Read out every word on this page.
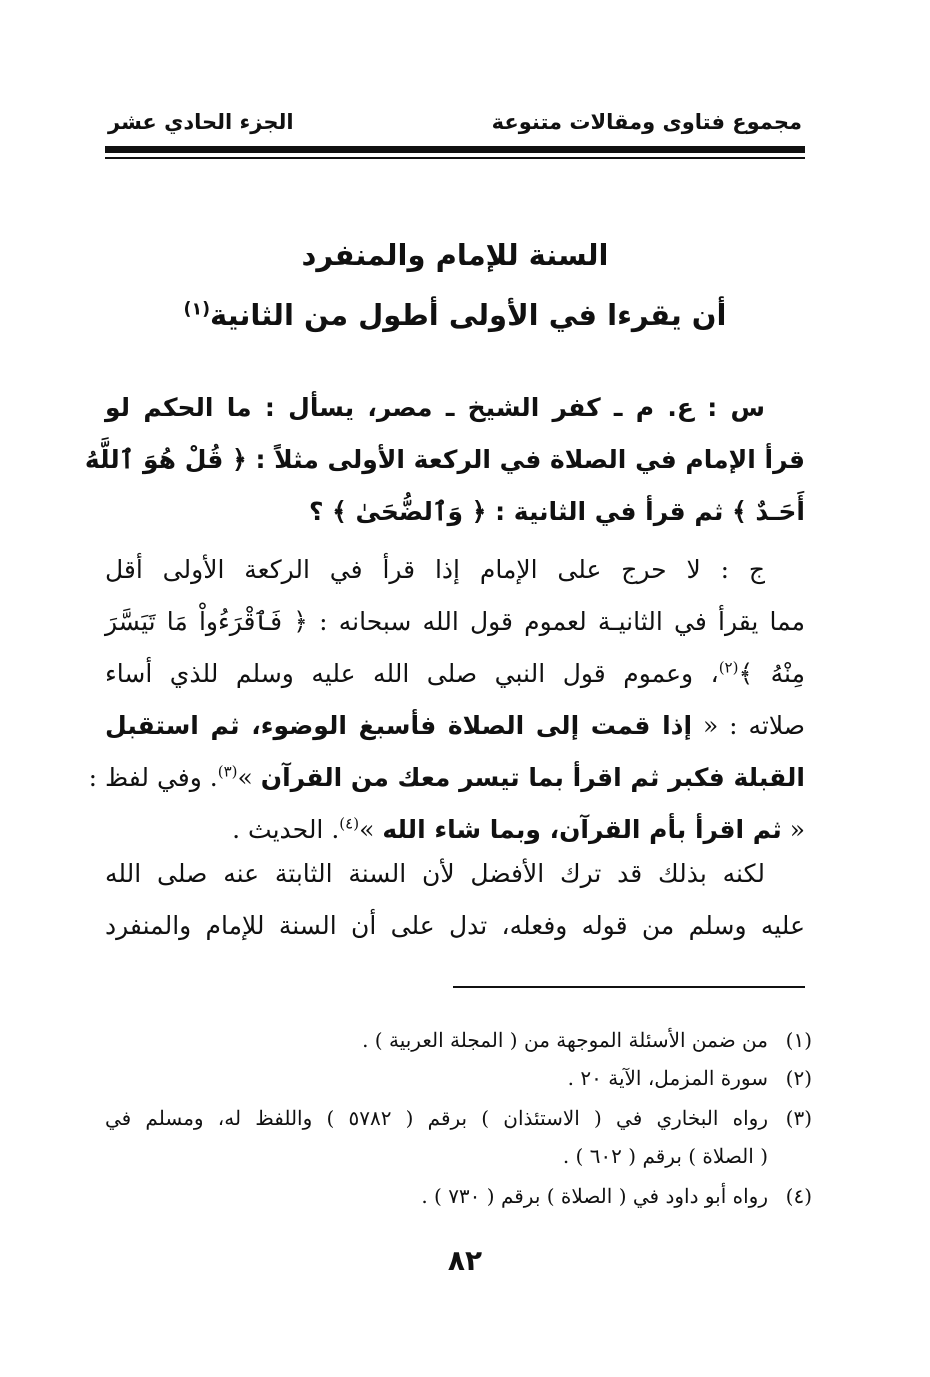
مجموع فتاوى ومقالات متنوعة
الجزء الحادي عشر
السنة للإمام والمنفرد
أن يقرءا في الأولى أطول من الثانية$^{(١)}$
س : ع. م ـ كفر الشيخ ـ مصر، يسأل : ما الحكم لو
قرأ الإمام في الصلاة في الركعة الأولى مثلاً : ﴿ قُلْ هُوَ ٱللَّهُ
أَحَـدٌ ﴾ ثم قرأ في الثانية : ﴿ وَٱلضُّحَىٰ ﴾ ؟
ج : لا حرج على الإمام إذا قرأ في الركعة الأولى أقل
مما يقرأ في الثانيـة لعموم قول الله سبحانه : ﴿ فَٱقْرَءُواْ مَا تَيَسَّرَ
مِنْهُ ﴾$^{(٢)}$، وعموم قول النبي صلى الله عليه وسلم للذي أساء
صلاته : « إذا قمت إلى الصلاة فأسبغ الوضوء، ثم استقبل
القبلة فكبر ثم اقرأ بما تيسر معك من القرآن »$^{(٣)}$. وفي لفظ :
« ثم اقرأ بأم القرآن، وبما شاء الله »$^{(٤)}$. الحديث .
لكنه بذلك قد ترك الأفضل لأن السنة الثابتة عنه صلى الله
عليه وسلم من قوله وفعله، تدل على أن السنة للإمام والمنفرد
(١)من ضمن الأسئلة الموجهة من ( المجلة العربية ) .
(٢)سورة المزمل، الآية ٢٠ .
(٣)رواه البخاري في ( الاستئذان ) برقم ( ٥٧٨٢ ) واللفظ له، ومسلم في
( الصلاة ) برقم ( ٦٠٢ ) .
(٤)رواه أبو داود في ( الصلاة ) برقم ( ٧٣٠ ) .
٨٢
